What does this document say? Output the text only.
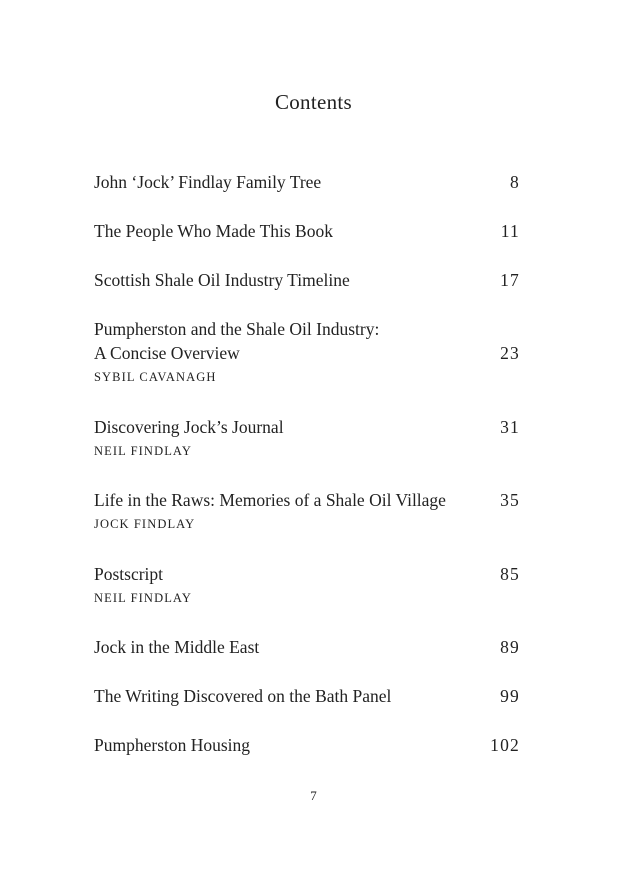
Contents
John ‘Jock’ Findlay Family Tree	8
The People Who Made This Book	11
Scottish Shale Oil Industry Timeline	17
Pumpherston and the Shale Oil Industry:
A Concise Overview	23
SYBIL CAVANAGH
Discovering Jock’s Journal	31
NEIL FINDLAY
Life in the Raws: Memories of a Shale Oil Village	35
JOCK FINDLAY
Postscript	85
NEIL FINDLAY
Jock in the Middle East	89
The Writing Discovered on the Bath Panel	99
Pumpherston Housing	102
7
